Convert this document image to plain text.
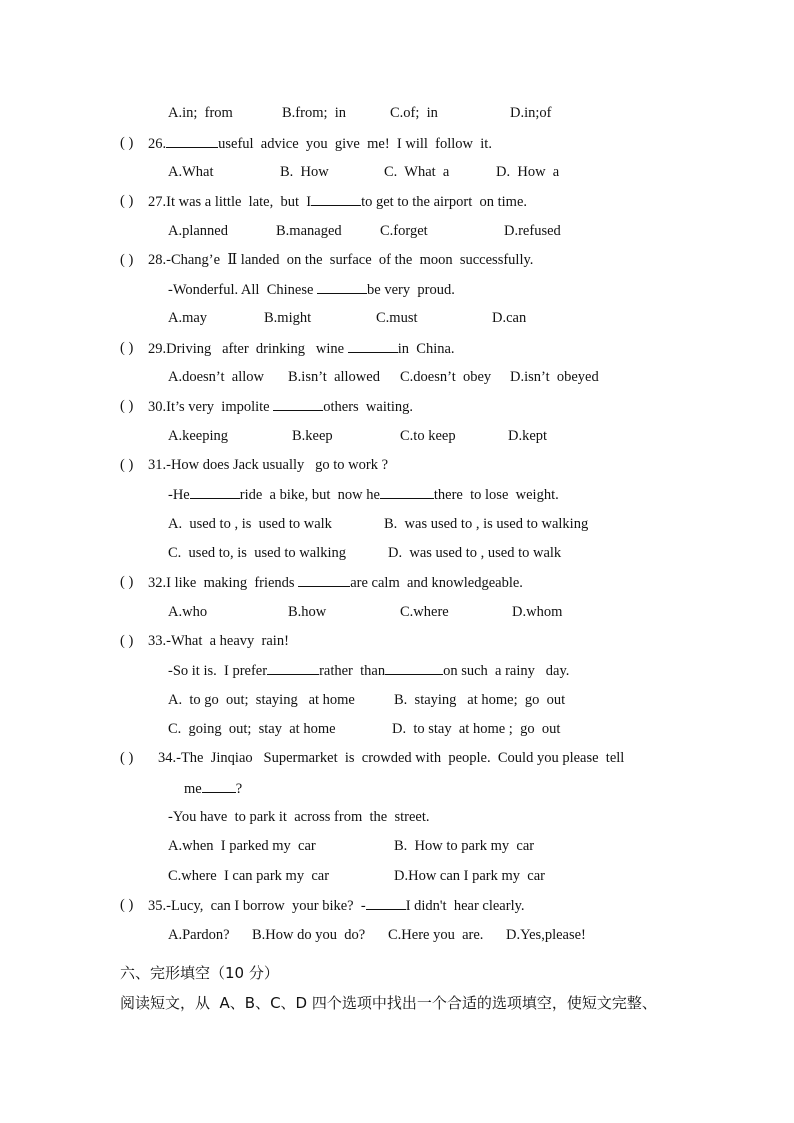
A.in;  from	B.from;  in	C.of;  in	D.in;of
( ) 26.	useful  advice  you  give  me!  I will  follow  it.
A.What	B.  How	C.  What  a	D.  How  a
( ) 27.It was a little  late,  but  I	to get to the airport  on time.
A.planned	B.managed	C.forget	D.refused
( ) 28.-Chang’e  Ⅱ landed  on the  surface  of the  moon  successfully.
-Wonderful. All  Chinese	be very  proud.
A.may	B.might	C.must	D.can
( ) 29.Driving   after  drinking   wine	in  China.
A.doesn’t  allow B.isn’t  allowed C.doesn’t  obey D.isn’t  obeyed
( ) 30.It’s very  impolite	others  waiting.
A.keeping	B.keep	C.to keep	D.kept
( ) 31.-How does Jack usually   go to work ?
-He	ride  a bike, but  now he	there  to lose  weight.
A.  used to , is  used to walk	B.  was used to , is used to walking
C.  used to, is  used to walking	D.  was used to , used to walk
( ) 32.I like  making  friends	are calm  and knowledgeable.
A.who	B.how	C.where	D.whom
( ) 33.-What  a heavy  rain!
-So it is.  I prefer	rather  than	on such  a rainy   day.
A.  to go  out;  staying   at home	B.  staying   at home;  go  out
C.  going  out;  stay  at home	D.  to stay  at home ;  go  out
( ) 34.-The  Jinqiao   Supermarket  is  crowded with  people.  Could you please  tell
me ?
-You have  to park it  across from  the  street.
A.when  I parked my  car	B.  How to park my  car
C.where  I can park my  car	D.How can I park my  car
( ) 35.-Lucy,  can I borrow  your bike?  -	I didn't  hear clearly.
A.Pardon? B.How do you  do? C.Here you  are. D.Yes,please!
六、完形填空（10 分）
阅读短文，从  A、B、C、D 四个选项中找出一个合适的选项填空，使短文完整、
